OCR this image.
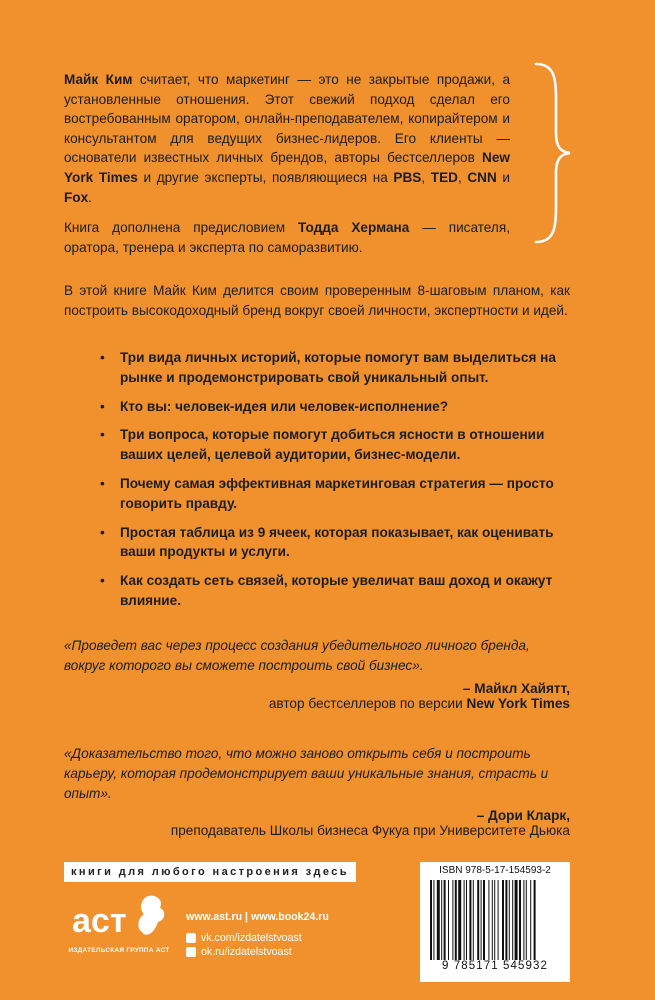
Майк Ким считает, что маркетинг — это не закрытые продажи, а установленные отношения. Этот свежий подход сделал его востребованным оратором, онлайн-преподавателем, копирайтером и консультантом для ведущих бизнес-лидеров. Его клиенты — основатели известных личных брендов, авторы бестселлеров New York Times и другие эксперты, появляющиеся на PBS, TED, CNN и Fox.

Книга дополнена предисловием Тодда Хермана — писателя, оратора, тренера и эксперта по саморазвитию.

В этой книге Майк Ким делится своим проверенным 8-шаговым планом, как построить высокодоходный бренд вокруг своей личности, экспертности и идей.
• Три вида личных историй, которые помогут вам выделиться на рынке и продемонстрировать свой уникальный опыт.
• Кто вы: человек-идея или человек-исполнение?
• Три вопроса, которые помогут добиться ясности в отношении ваших целей, целевой аудитории, бизнес-модели.
• Почему самая эффективная маркетинговая стратегия — просто говорить правду.
• Простая таблица из 9 ячеек, которая показывает, как оценивать ваши продукты и услуги.
• Как создать сеть связей, которые увеличат ваш доход и окажут влияние.
«Проведет вас через процесс создания убедительного личного бренда, вокруг которого вы сможете построить свой бизнес».
– Майкл Хайятт,
автор бестселлеров по версии New York Times
«Доказательство того, что можно заново открыть себя и построить карьеру, которая продемонстрирует ваши уникальные знания, страсть и опыт».
– Дори Кларк,
преподаватель Школы бизнеса Фукуа при Университете Дьюка
книги для любого настроения здесь
аст
ИЗДАТЕЛЬСКАЯ ГРУППА АСТ
www.ast.ru | www.book24.ru
vk.com/izdatelstvoast
ok.ru/izdatelstvoast
ISBN 978-5-17-154593-2
9 785171 545932
